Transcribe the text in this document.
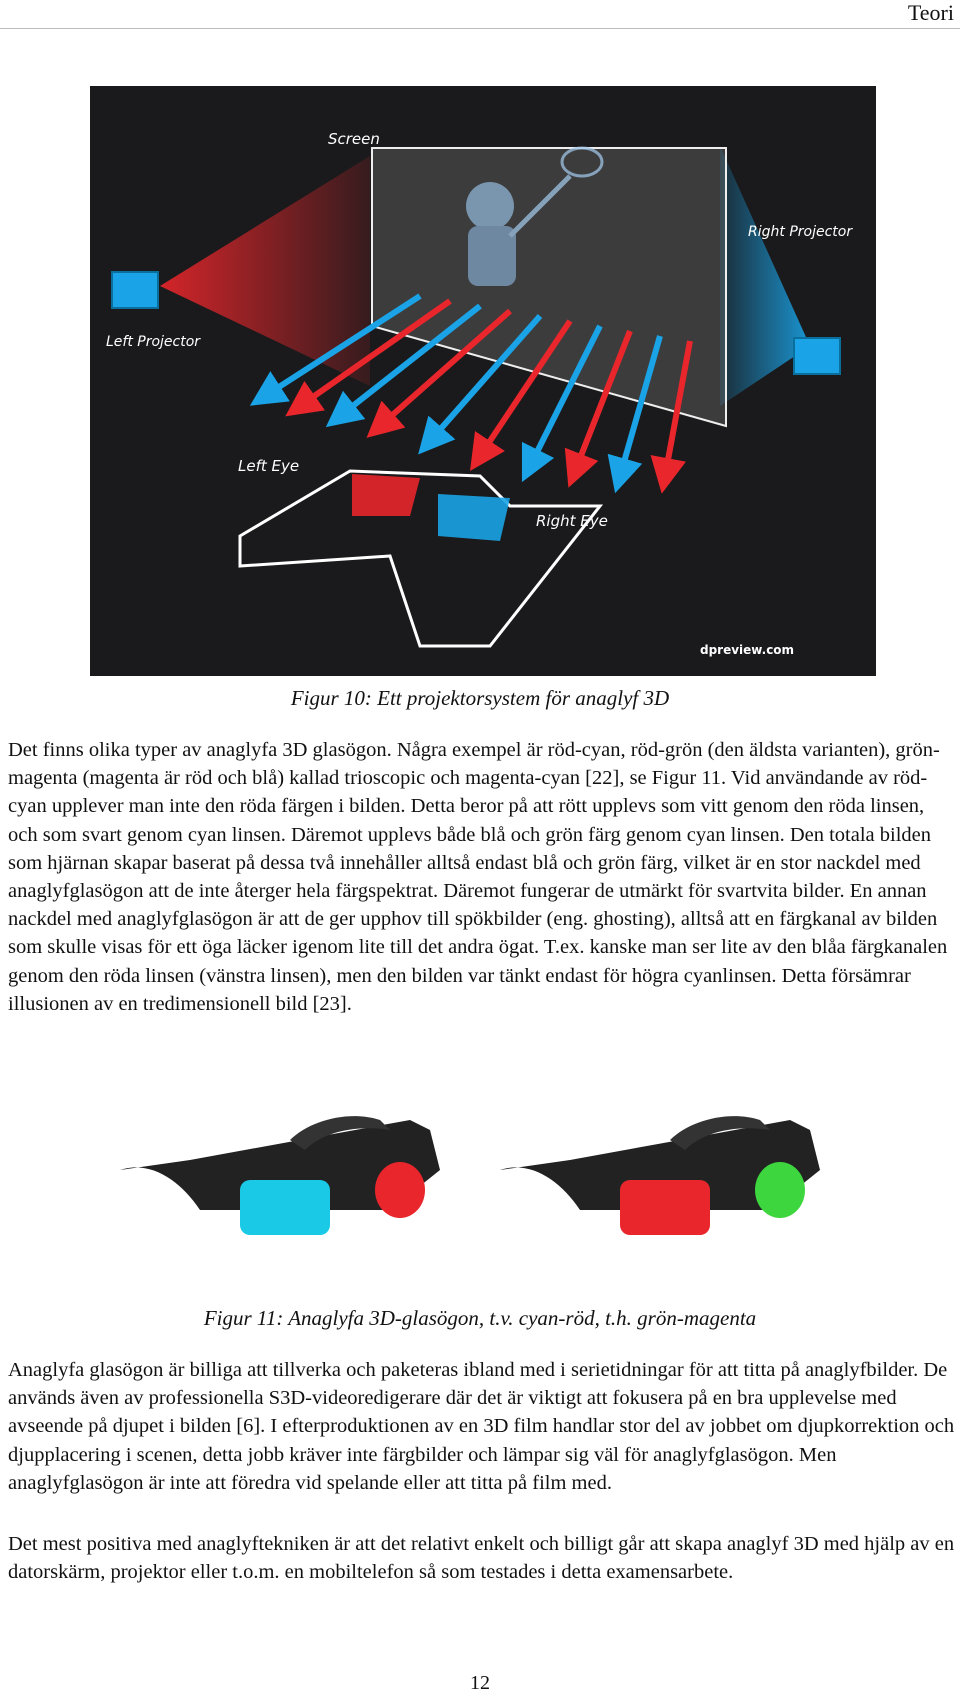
Teori
Screen
Left Projector
Right Projector
Left Eye
Right Eye
dpreview.com
Figur 10: Ett projektorsystem för anaglyf 3D

Det finns olika typer av anaglyfa 3D glasögon. Några exempel är röd-cyan, röd-grön (den äldsta varianten), grön-magenta (magenta är röd och blå) kallad trioscopic och magenta-cyan [22], se Figur 11. Vid användande av röd-cyan upplever man inte den röda färgen i bilden. Detta beror på att rött upplevs som vitt genom den röda linsen, och som svart genom cyan linsen. Däremot upplevs både blå och grön färg genom cyan linsen. Den totala bilden som hjärnan skapar baserat på dessa två innehåller alltså endast blå och grön färg, vilket är en stor nackdel med anaglyfglasögon att de inte återger hela färgspektrat. Däremot fungerar de utmärkt för svartvita bilder. En annan nackdel med anaglyfglasögon är att de ger upphov till spökbilder (eng. ghosting), alltså att en färgkanal av bilden som skulle visas för ett öga läcker igenom lite till det andra ögat. T.ex. kanske man ser lite av den blåa färgkanalen genom den röda linsen (vänstra linsen), men den bilden var tänkt endast för högra cyanlinsen. Detta försämrar illusionen av en tredimensionell bild [23].

Figur 11: Anaglyfa 3D-glasögon, t.v. cyan-röd, t.h. grön-magenta

Anaglyfa glasögon är billiga att tillverka och paketeras ibland med i serietidningar för att titta på anaglyfbilder. De används även av professionella S3D-videoredigerare där det är viktigt att fokusera på en bra upplevelse med avseende på djupet i bilden [6]. I efterproduktionen av en 3D film handlar stor del av jobbet om djupkorrektion och djupplacering i scenen, detta jobb kräver inte färgbilder och lämpar sig väl för anaglyfglasögon. Men anaglyfglasögon är inte att föredra vid spelande eller att titta på film med.

Det mest positiva med anaglyftekniken är att det relativt enkelt och billigt går att skapa anaglyf 3D med hjälp av en datorskärm, projektor eller t.o.m. en mobiltelefon så som testades i detta examensarbete.

12
